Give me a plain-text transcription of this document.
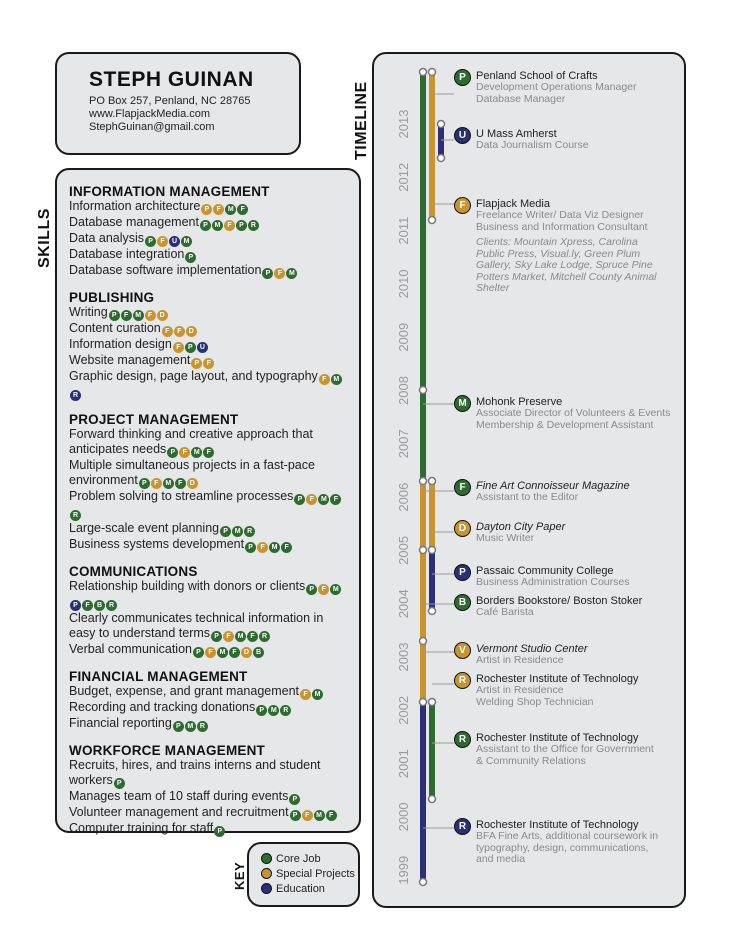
STEPH GUINAN
PO Box 257, Penland, NC 28765
www.FlapjackMedia.com
StephGuinan@gmail.com
SKILLS
TIMELINE
KEY
INFORMATION MANAGEMENT
Information architecture P F M F
Database management P M F P R
Data analysis P F U M
Database integration P
Database software implementation P F M
PUBLISHING
Writing P F M F D
Content curation F F D
Information design F P U
Website management P F
Graphic design, page layout, and typography F MR
PROJECT MANAGEMENT
Forward thinking and creative approach that anticipates needs P F M F
Multiple simultaneous projects in a fast-pace environment P F M F D
Problem solving to streamline processes P F M FR
Large-scale event planning P M R
Business systems development P F M F
COMMUNICATIONS
Relationship building with donors or clients P F MP F B R
Clearly communicates technical information in easy to understand terms P F M F R
Verbal communication P F M F D B
FINANCIAL MANAGEMENT
Budget, expense, and grant management F M
Recording and tracking donations P M R
Financial reporting P M R
WORKFORCE MANAGEMENT
Recruits, hires, and trains interns and student workers P
Manages team of 10 staff during events P
Volunteer management and recruitment P F M F
Computer training for staff P
Core Job
Special Projects
Education
2013
2012
2011
2010
2009
2008
2007
2006
2005
2004
2003
2002
2001
2000
1999
P Penland School of Crafts
Development Operations Manager
Database Manager
U U Mass Amherst
Data Journalism Course
F Flapjack Media
Freelance Writer/ Data Viz Designer
Business and Information Consultant
Clients: Mountain Xpress, Carolina
Public Press, Visual.ly, Green Plum
Gallery, Sky Lake Lodge, Spruce Pine
Potters Market, Mitchell County Animal
Shelter
M Mohonk Preserve
Associate Director of Volunteers & Events
Membership & Development Assistant
F Fine Art Connoisseur Magazine
Assistant to the Editor
D Dayton City Paper
Music Writer
P Passaic Community College
Business Administration Courses
B Borders Bookstore/ Boston Stoker
Café Barista
V Vermont Studio Center
Artist in Residence
R Rochester Institute of Technology
Artist in Residence
Welding Shop Technician
R Rochester Institute of Technology
Assistant to the Office for Government
& Community Relations
R Rochester Institute of Technology
BFA Fine Arts, additional coursework in
typography, design, communications,
and media
